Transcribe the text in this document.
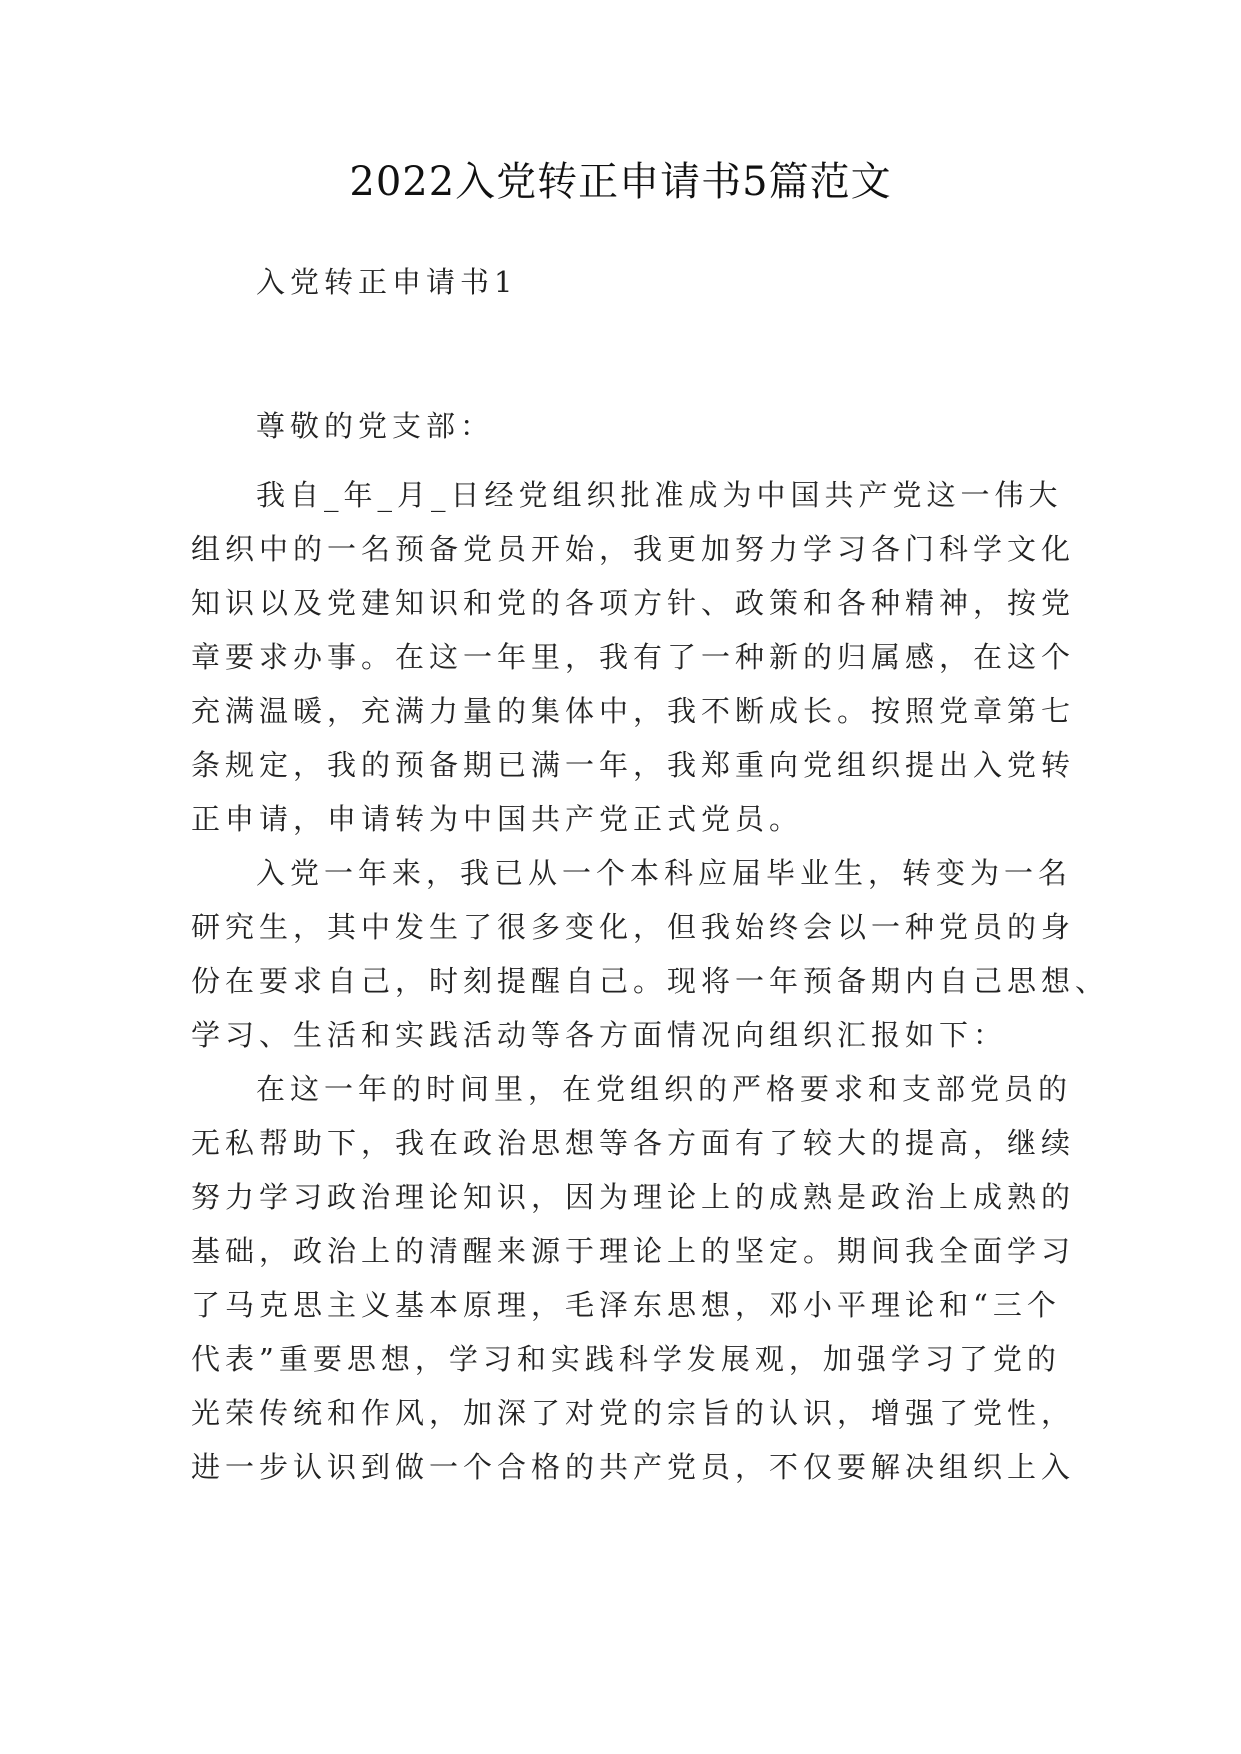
2022入党转正申请书5篇范文
入党转正申请书1
尊敬的党支部：
我自_年_月_日经党组织批准成为中国共产党这一伟大
组织中的一名预备党员开始，我更加努力学习各门科学文化
知识以及党建知识和党的各项方针、政策和各种精神，按党
章要求办事。在这一年里，我有了一种新的归属感，在这个
充满温暖，充满力量的集体中，我不断成长。按照党章第七
条规定，我的预备期已满一年，我郑重向党组织提出入党转
正申请，申请转为中国共产党正式党员。
入党一年来，我已从一个本科应届毕业生，转变为一名
研究生，其中发生了很多变化，但我始终会以一种党员的身
份在要求自己，时刻提醒自己。现将一年预备期内自己思想、
学习、生活和实践活动等各方面情况向组织汇报如下：
在这一年的时间里，在党组织的严格要求和支部党员的
无私帮助下，我在政治思想等各方面有了较大的提高，继续
努力学习政治理论知识，因为理论上的成熟是政治上成熟的
基础，政治上的清醒来源于理论上的坚定。期间我全面学习
了马克思主义基本原理，毛泽东思想，邓小平理论和“三个
代表”重要思想，学习和实践科学发展观，加强学习了党的
光荣传统和作风，加深了对党的宗旨的认识，增强了党性，
进一步认识到做一个合格的共产党员，不仅要解决组织上入
